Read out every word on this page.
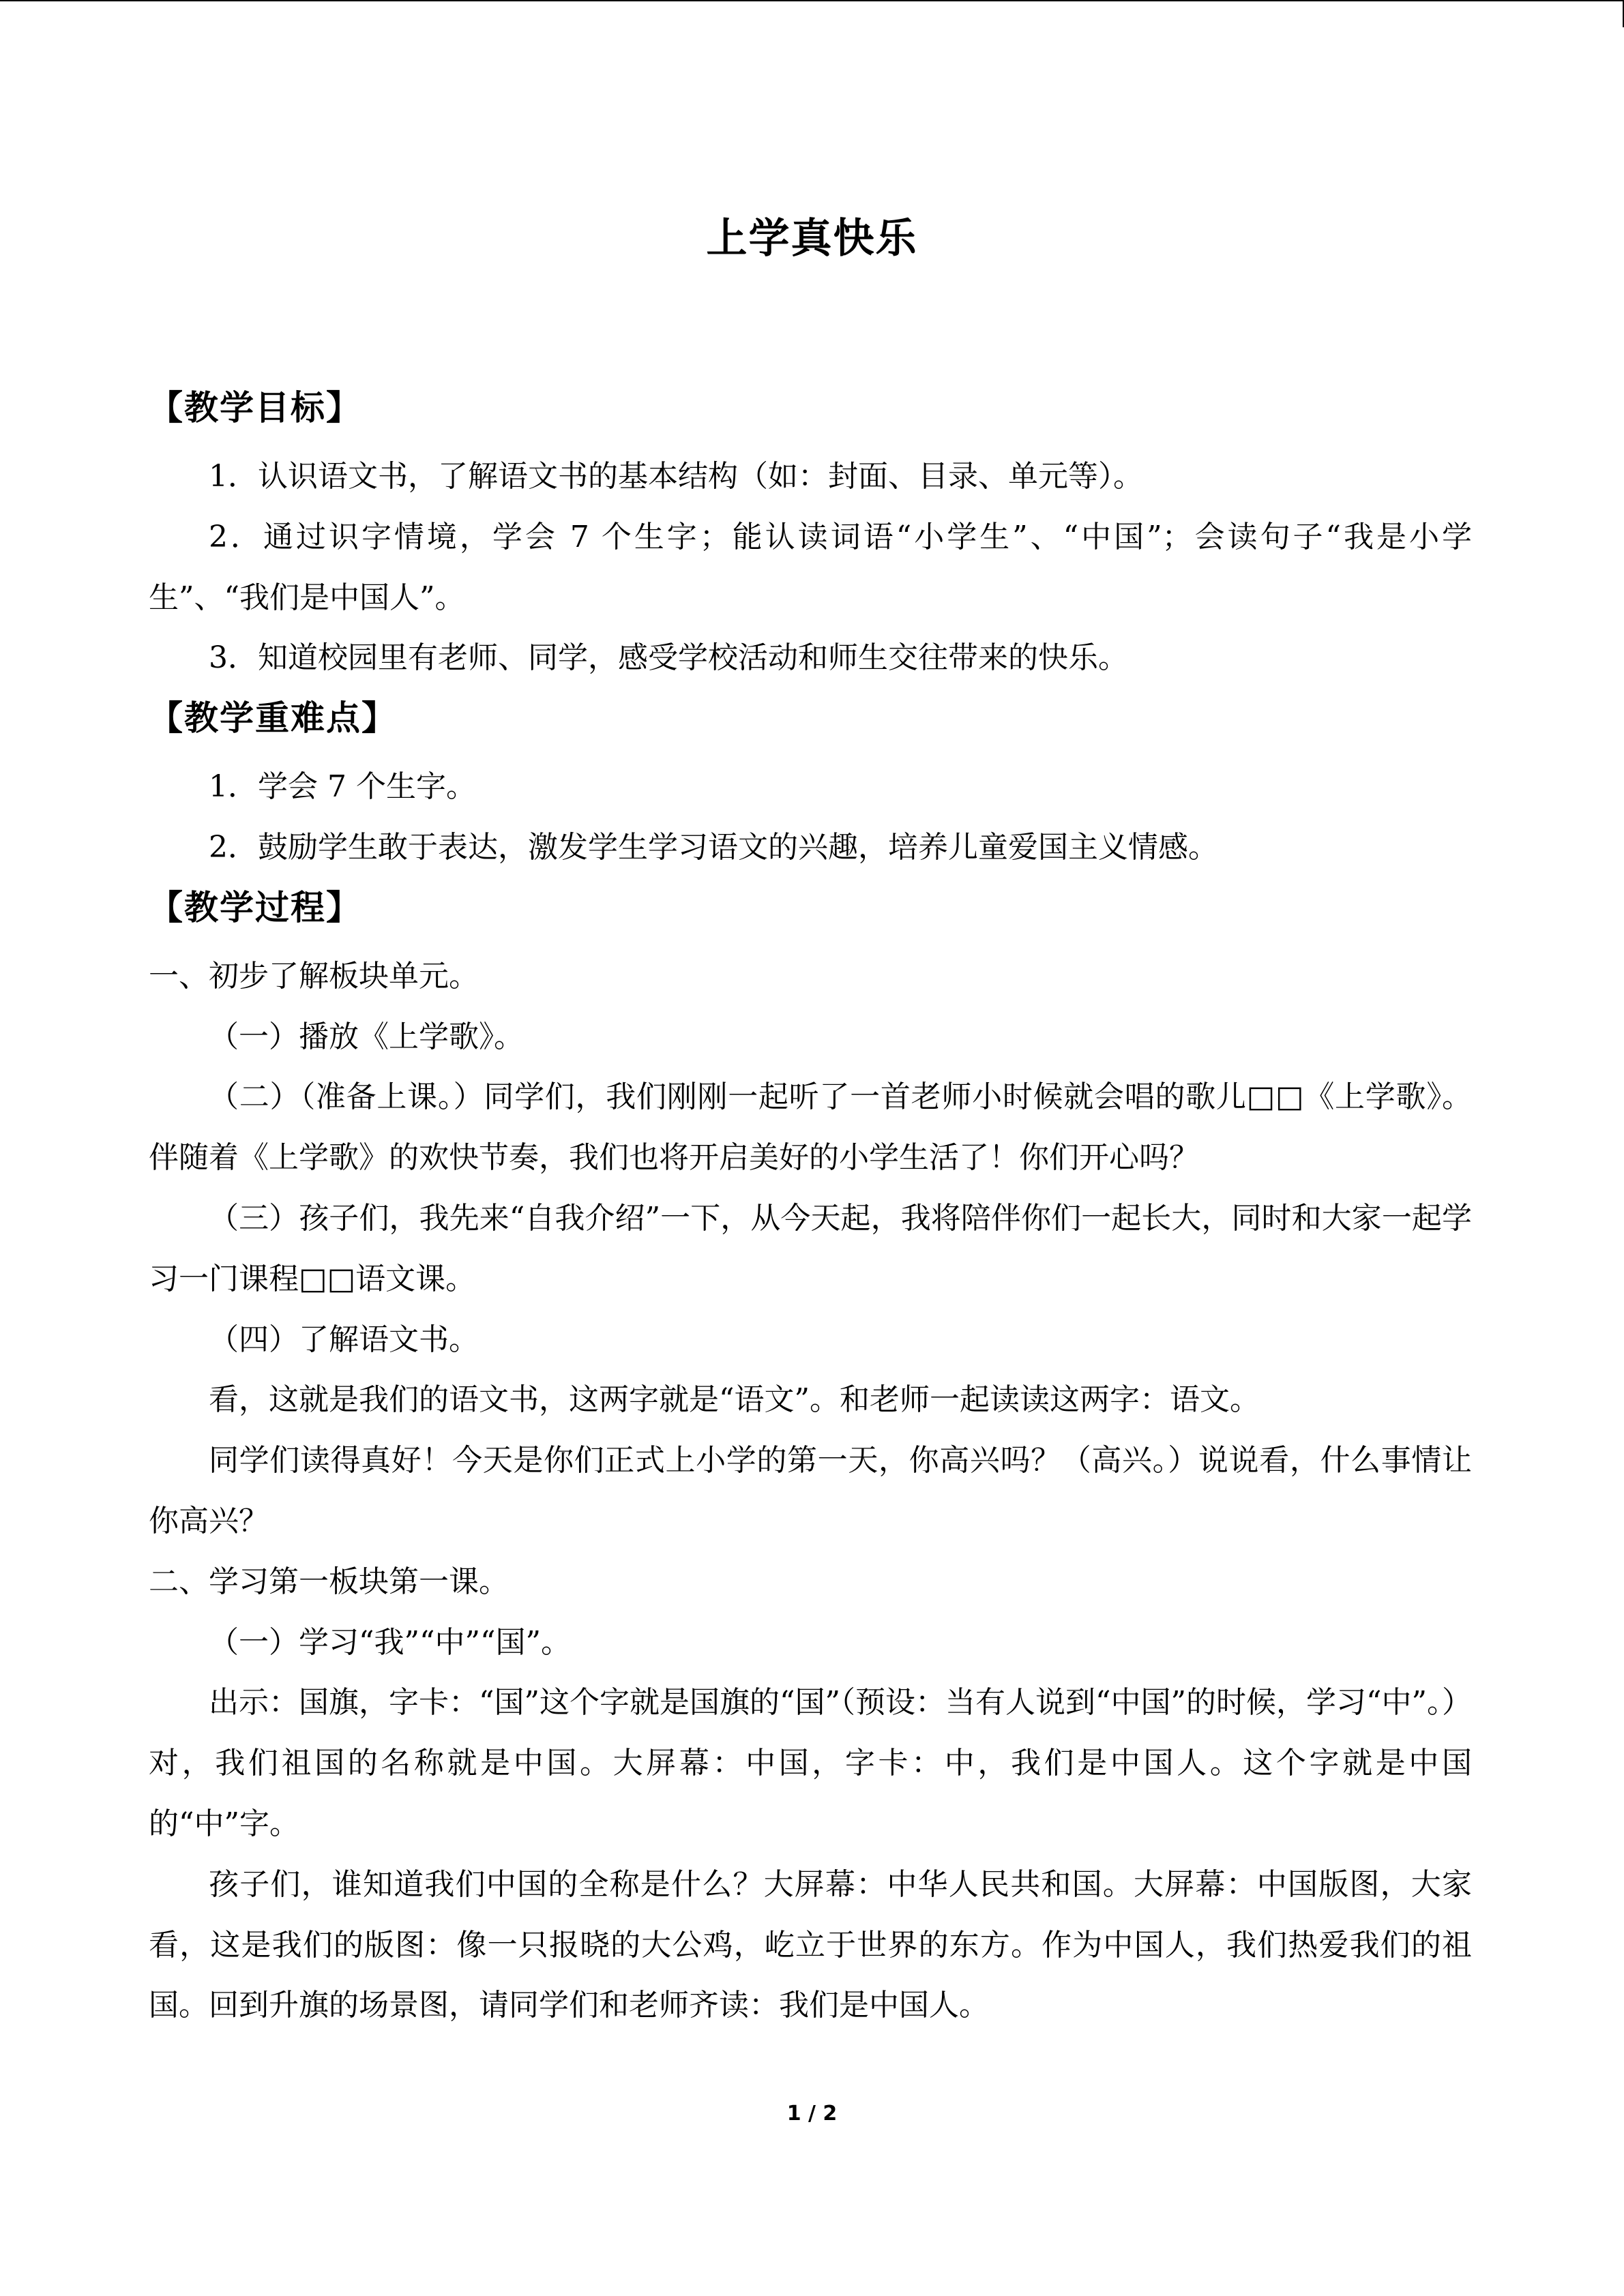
上学真快乐
【教学目标】

1．认识语文书，了解语文书的基本结构（如：封面、目录、单元等）。

2．通过识字情境，学会 7 个生字；能认读词语“小学生”、“中国”；会读句子“我是小学生”、“我们是中国人”。

3．知道校园里有老师、同学，感受学校活动和师生交往带来的快乐。

【教学重难点】

1．学会 7 个生字。

2．鼓励学生敢于表达，激发学生学习语文的兴趣，培养儿童爱国主义情感。

【教学过程】

一、初步了解板块单元。

（一）播放《上学歌》。

（二）（准备上课。）同学们，我们刚刚一起听了一首老师小时候就会唱的歌儿□□《上学歌》。伴随着《上学歌》的欢快节奏，我们也将开启美好的小学生活了！你们开心吗？

（三）孩子们，我先来“自我介绍”一下，从今天起，我将陪伴你们一起长大，同时和大家一起学习一门课程□□语文课。

（四）了解语文书。

看，这就是我们的语文书，这两字就是“语文”。和老师一起读读这两字：语文。

同学们读得真好！今天是你们正式上小学的第一天，你高兴吗？（高兴。）说说看，什么事情让你高兴？

二、学习第一板块第一课。

（一）学习“我”“中”“国”。

出示：国旗，字卡：“国”这个字就是国旗的“国”（预设：当有人说到“中国”的时候，学习“中”。）对，我们祖国的名称就是中国。大屏幕：中国，字卡：中，我们是中国人。这个字就是中国的“中”字。

孩子们，谁知道我们中国的全称是什么？大屏幕：中华人民共和国。大屏幕：中国版图，大家看，这是我们的版图：像一只报晓的大公鸡，屹立于世界的东方。作为中国人，我们热爱我们的祖国。回到升旗的场景图，请同学们和老师齐读：我们是中国人。

1 / 2
